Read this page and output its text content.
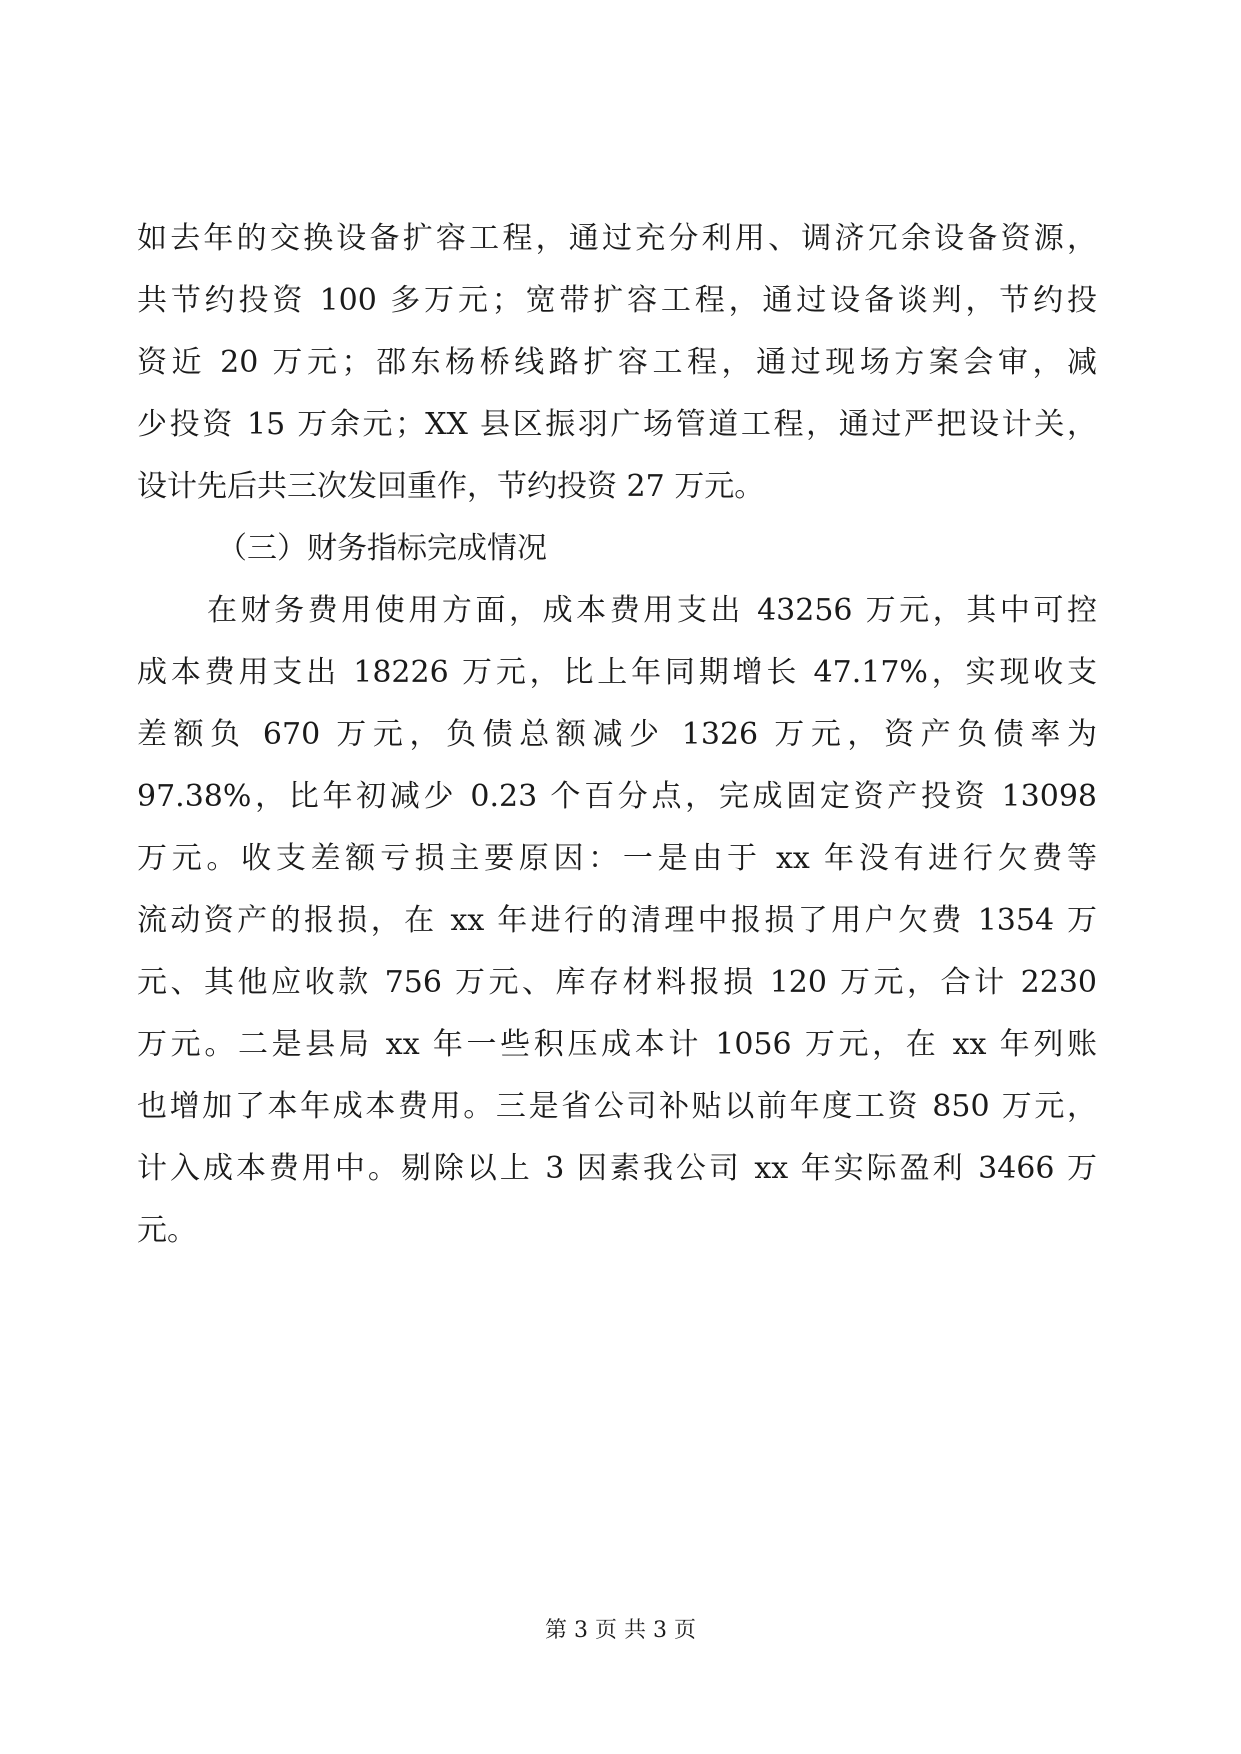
如去年的交换设备扩容工程，通过充分利用、调济冗余设备资源，
共节约投资 100 多万元；宽带扩容工程，通过设备谈判，节约投
资近 20 万元；邵东杨桥线路扩容工程，通过现场方案会审，减
少投资 15 万余元；XX 县区振羽广场管道工程，通过严把设计关，
设计先后共三次发回重作，节约投资 27 万元。
（三）财务指标完成情况
在财务费用使用方面，成本费用支出 43256 万元，其中可控
成本费用支出 18226 万元，比上年同期增长 47.17%，实现收支
差额负 670 万元，负债总额减少 1326 万元，资产负债率为
97.38%，比年初减少 0.23 个百分点，完成固定资产投资 13098
万元。收支差额亏损主要原因：一是由于 xx 年没有进行欠费等
流动资产的报损，在 xx 年进行的清理中报损了用户欠费 1354 万
元、其他应收款 756 万元、库存材料报损 120 万元，合计 2230
万元。二是县局 xx 年一些积压成本计 1056 万元，在 xx 年列账
也增加了本年成本费用。三是省公司补贴以前年度工资 850 万元，
计入成本费用中。剔除以上 3 因素我公司 xx 年实际盈利 3466 万
元。
第 3 页 共 3 页
